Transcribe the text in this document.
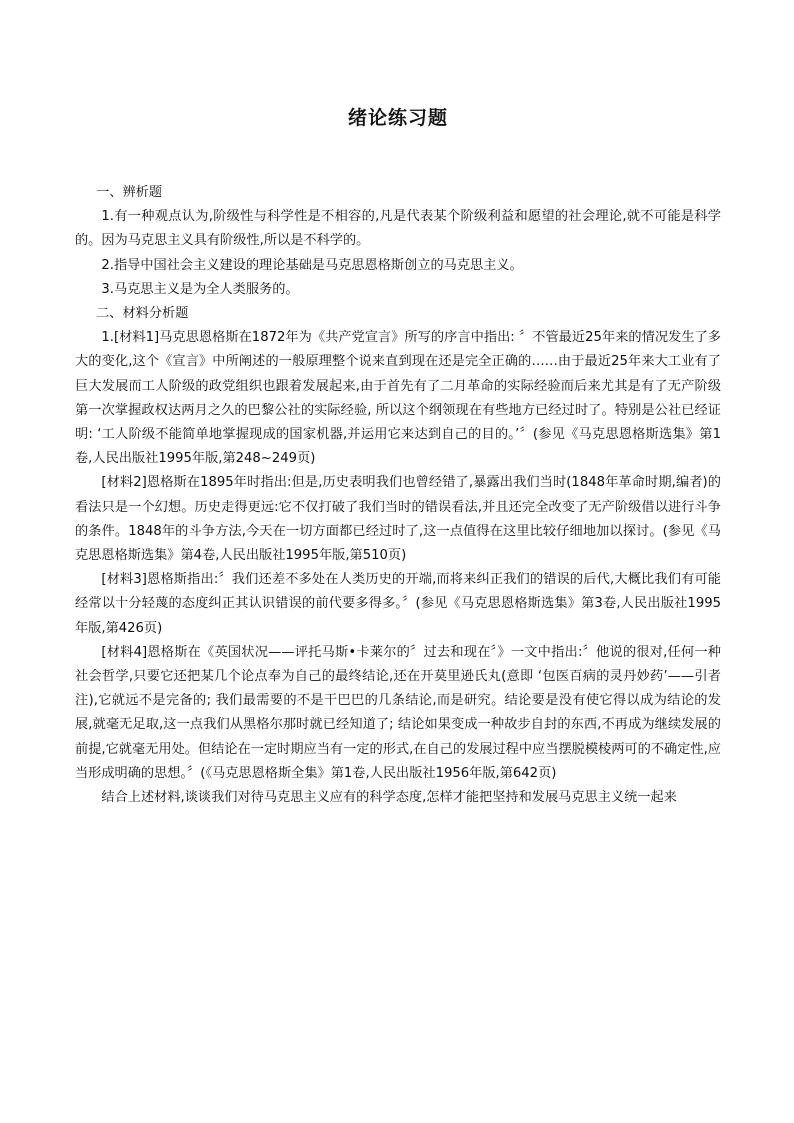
绪论练习题

一、辨析题

1.有一种观点认为,阶级性与科学性是不相容的,凡是代表某个阶级利益和愿望的社会理论,就不可能是科学的。因为马克思主义具有阶级性,所以是不科学的。

2.指导中国社会主义建设的理论基础是马克思恩格斯创立的马克思主义。

3.马克思主义是为全人类服务的。

二、材料分析题

1.[材料1]马克思恩格斯在1872年为《共产党宣言》所写的序言中指出: 〞不管最近25年来的情况发生了多大的变化,这个《宣言》中所阐述的一般原理整个说来直到现在还是完全正确的……由于最近25年来大工业有了巨大发展而工人阶级的政党组织也跟着发展起来,由于首先有了二月革命的实际经验而后来尤其是有了无产阶级第一次掌握政权达两月之久的巴黎公社的实际经验, 所以这个纲领现在有些地方已经过时了。特别是公社已经证明: ‘工人阶级不能简单地掌握现成的国家机器,并运用它来达到自己的目的。’〞(参见《马克思恩格斯选集》第1卷,人民出版社1995年版,第248~249页)

[材料2]恩格斯在1895年时指出:但是,历史表明我们也曾经错了,暴露出我们当时(1848年革命时期,编者)的看法只是一个幻想。历史走得更远:它不仅打破了我们当时的错误看法,并且还完全改变了无产阶级借以进行斗争的条件。1848年的斗争方法,今天在一切方面都已经过时了,这一点值得在这里比较仔细地加以探讨。(参见《马克思恩格斯选集》第4卷,人民出版社1995年版,第510页)

[材料3]恩格斯指出:〞我们还差不多处在人类历史的开端,而将来纠正我们的错误的后代,大概比我们有可能经常以十分轻蔑的态度纠正其认识错误的前代要多得多。〞(参见《马克思恩格斯选集》第3卷,人民出版社1995年版,第426页)

[材料4]恩格斯在《英国状况——评托马斯•卡莱尔的〞过去和现在〞》一文中指出:〞他说的很对,任何一种社会哲学,只要它还把某几个论点奉为自己的最终结论,还在开莫里逊氏丸(意即 ‘包医百病的灵丹妙药’——引者注),它就远不是完备的; 我们最需要的不是干巴巴的几条结论,而是研究。结论要是没有使它得以成为结论的发展,就毫无足取,这一点我们从黑格尔那时就已经知道了; 结论如果变成一种故步自封的东西,不再成为继续发展的前提,它就毫无用处。但结论在一定时期应当有一定的形式,在自己的发展过程中应当摆脱模棱两可的不确定性,应当形成明确的思想。〞(《马克思恩格斯全集》第1卷,人民出版社1956年版,第642页)

结合上述材料,谈谈我们对待马克思主义应有的科学态度,怎样才能把坚持和发展马克思主义统一起来
